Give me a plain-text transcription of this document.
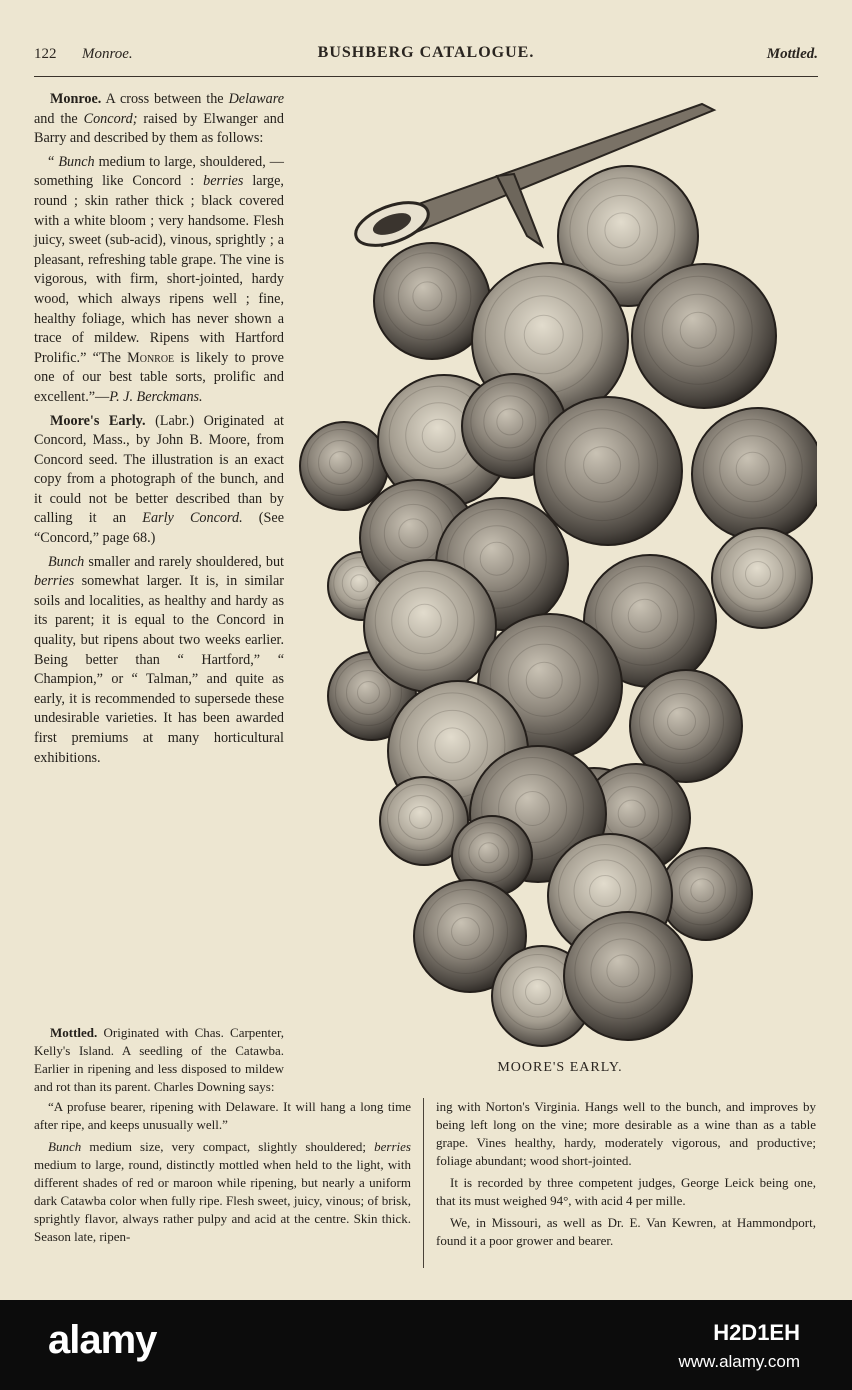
122 Monroe.	BUSHBERG CATALOGUE.	Mottled.

Monroe. A cross between the Delaware and the Concord; raised by Elwanger and Barry and described by them as follows:

“ Bunch medium to large, shouldered, — something like Concord : berries large, round ; skin rather thick ; black covered with a white bloom ; very handsome. Flesh juicy, sweet (sub-acid), vinous, sprightly ; a pleasant, refreshing table grape. The vine is vigorous, with firm, short-jointed, hardy wood, which always ripens well ; fine, healthy foliage, which has never shown a trace of mildew. Ripens with Hartford Prolific.” “The Monroe is likely to prove one of our best table sorts, prolific and excellent.”—P. J. Berckmans.

Moore's Early. (Labr.) Originated at Concord, Mass., by John B. Moore, from Concord seed. The illustration is an exact copy from a photograph of the bunch, and it could not be better described than by calling it an Early Concord. (See “Concord,” page 68.)

Bunch smaller and rarely shouldered, but berries somewhat larger. It is, in similar soils and localities, as healthy and hardy as its parent; it is equal to the Concord in quality, but ripens about two weeks earlier. Being better than “ Hartford,” “ Champion,” or “ Talman,” and quite as early, it is recommended to supersede these undesirable varieties. It has been awarded first premiums at many horticultural exhibitions.

MOORE'S EARLY.

Mottled. Originated with Chas. Carpenter, Kelly's Island. A seedling of the Catawba. Earlier in ripening and less disposed to mildew and rot than its parent. Charles Downing says:

“A profuse bearer, ripening with Delaware. It will hang a long time after ripe, and keeps unusually well.”

Bunch medium size, very compact, slightly shouldered; berries medium to large, round, distinctly mottled when held to the light, with different shades of red or maroon while ripening, but nearly a uniform dark Catawba color when fully ripe. Flesh sweet, juicy, vinous; of brisk, sprightly flavor, always rather pulpy and acid at the centre. Skin thick. Season late, ripen-

ing with Norton's Virginia. Hangs well to the bunch, and improves by being left long on the vine; more desirable as a wine than as a table grape. Vines healthy, hardy, moderately vigorous, and productive; foliage abundant; wood short-jointed.

It is recorded by three competent judges, George Leick being one, that its must weighed 94°, with acid 4 per mille.

We, in Missouri, as well as Dr. E. Van Kewren, at Hammondport, found it a poor grower and bearer.

alamy	H2D1EH
www.alamy.com
